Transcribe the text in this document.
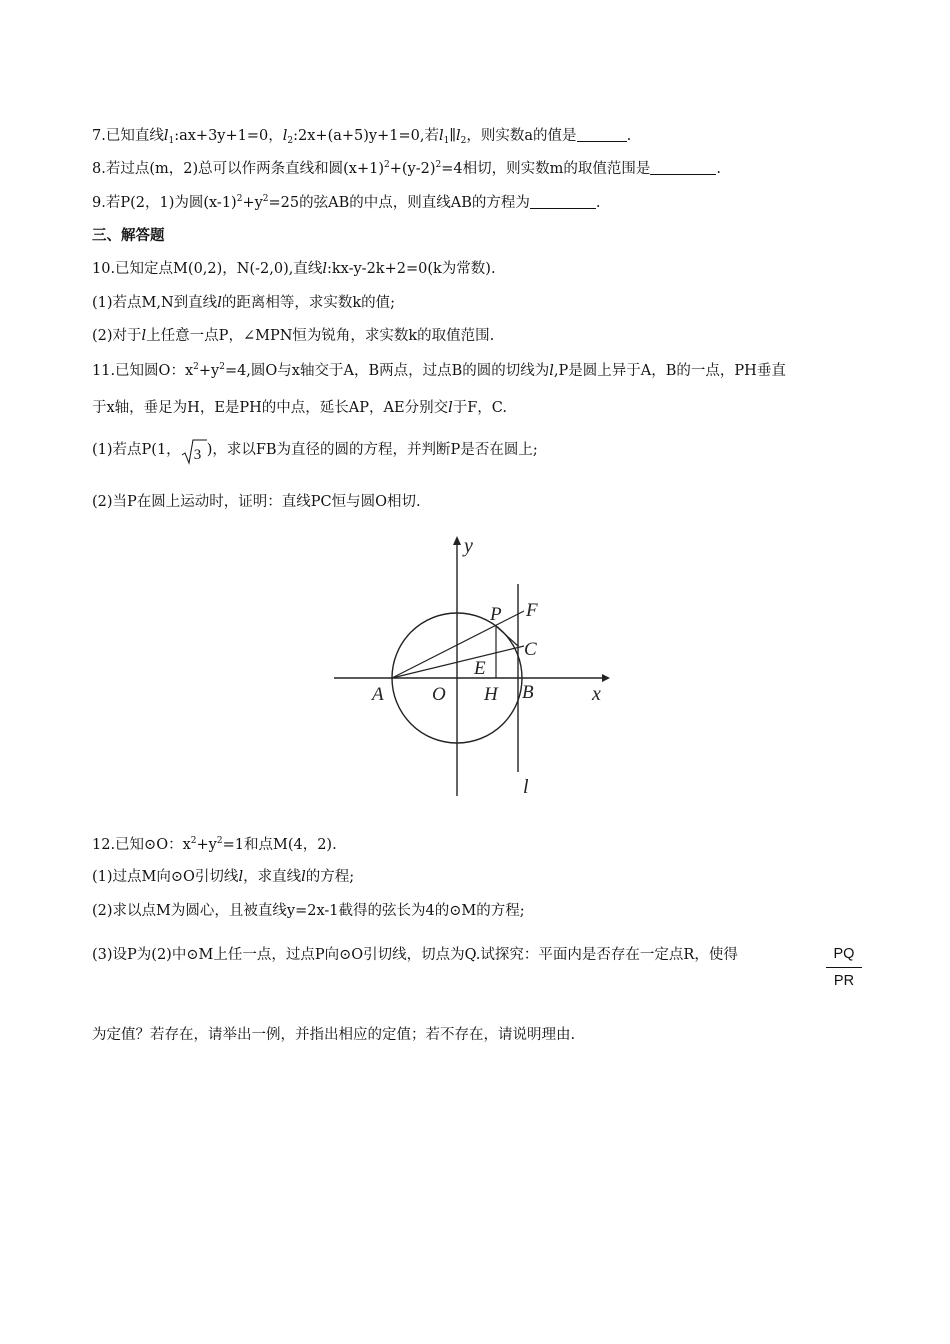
7.已知直线$l_1:ax+3y+1=0$，$l_2:2x+(a+5)y+1=0$,若$l_1\parallel l_2$，则实数a的值是	.
8.若过点(m，2)总可以作两条直线和圆$(x+1)^2+(y-2)^2=4$相切，则实数m的取值范围是	.
9.若P(2，1)为圆$(x-1)^2+y^2=25$的弦AB的中点，则直线AB的方程为	.
三、解答题
10.已知定点M(0,2)，N(-2,0),直线l:kx-y-2k+2=0(k为常数).
(1)若点M,N到直线l的距离相等，求实数k的值;
(2)对于l上任意一点P，∠MPN恒为锐角，求实数k的取值范围.
11.已知圆O：$x^2+y^2=4$,圆O与x轴交于A，B两点，过点B的圆的切线为l,P是圆上异于A，B的一点，PH垂直
于x轴，垂足为H，E是PH的中点，延长AP，AE分别交l于F，C.
(1)若点P(1， 3 )，求以FB为直径的圆的方程，并判断P是否在圆上;
(2)当P在圆上运动时，证明：直线PC恒与圆O相切.
y
x
P F
C
E
A	O H B
l
12.已知⊙O：$x^2+y^2=1$和点M(4，2).
(1)过点M向⊙O引切线l，求直线l的方程;
(2)求以点M为圆心，且被直线y=2x-1截得的弦长为4的⊙M的方程;
(3)设P为(2)中⊙M上任一点，过点P向⊙O引切线，切点为Q.试探究：平面内是否存在一定点R，使得	$\frac{PQ}{PR}$
为定值？若存在，请举出一例，并指出相应的定值；若不存在，请说明理由.
